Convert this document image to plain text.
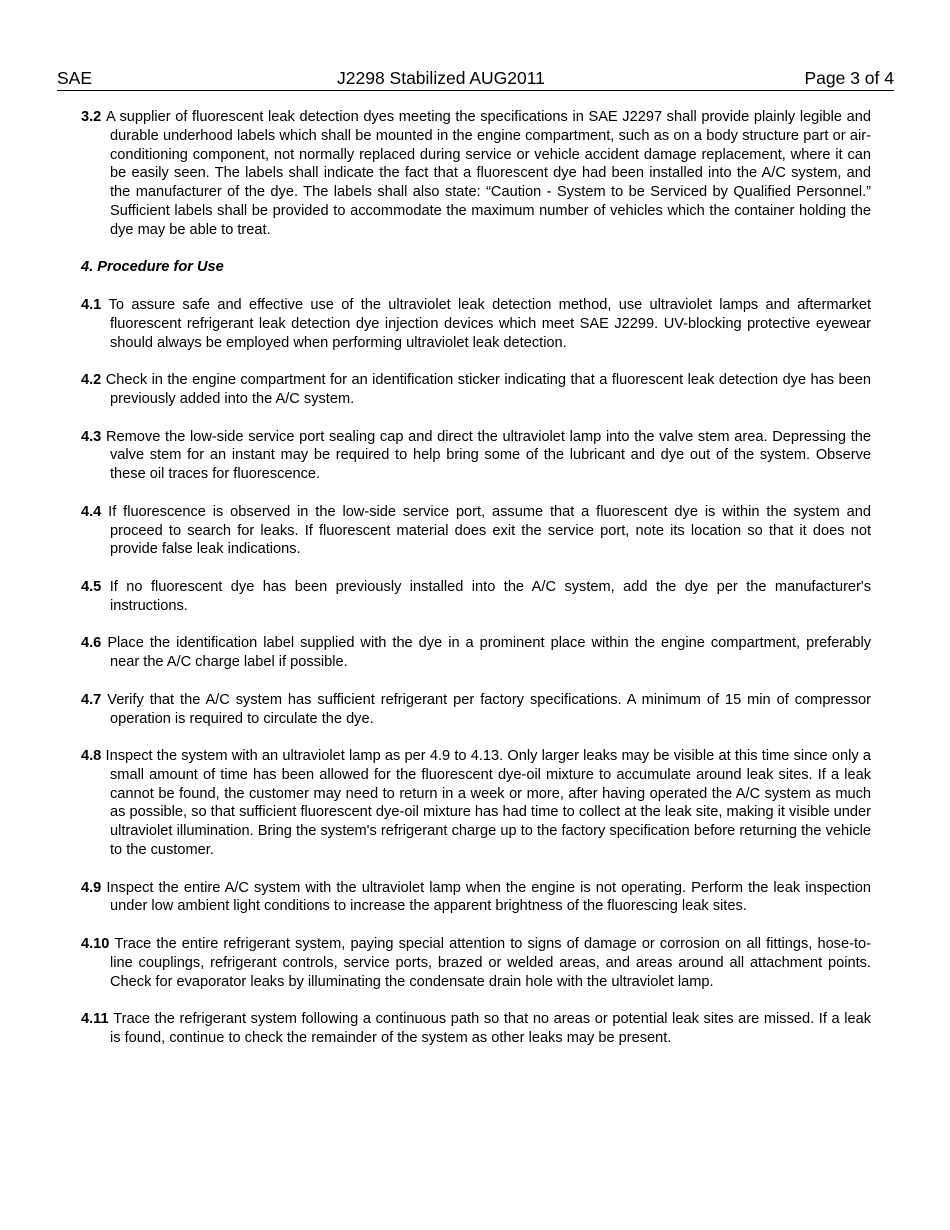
SAE	J2298 Stabilized AUG2011	Page 3 of 4

3.2 A supplier of fluorescent leak detection dyes meeting the specifications in SAE J2297 shall provide plainly legible and durable underhood labels which shall be mounted in the engine compartment, such as on a body structure part or air-conditioning component, not normally replaced during service or vehicle accident damage replacement, where it can be easily seen. The labels shall indicate the fact that a fluorescent dye had been installed into the A/C system, and the manufacturer of the dye. The labels shall also state: “Caution - System to be Serviced by Qualified Personnel.” Sufficient labels shall be provided to accommodate the maximum number of vehicles which the container holding the dye may be able to treat.

4. Procedure for Use

4.1 To assure safe and effective use of the ultraviolet leak detection method, use ultraviolet lamps and aftermarket fluorescent refrigerant leak detection dye injection devices which meet SAE J2299. UV-blocking protective eyewear should always be employed when performing ultraviolet leak detection.

4.2 Check in the engine compartment for an identification sticker indicating that a fluorescent leak detection dye has been previously added into the A/C system.

4.3 Remove the low-side service port sealing cap and direct the ultraviolet lamp into the valve stem area. Depressing the valve stem for an instant may be required to help bring some of the lubricant and dye out of the system. Observe these oil traces for fluorescence.

4.4 If fluorescence is observed in the low-side service port, assume that a fluorescent dye is within the system and proceed to search for leaks. If fluorescent material does exit the service port, note its location so that it does not provide false leak indications.

4.5 If no fluorescent dye has been previously installed into the A/C system, add the dye per the manufacturer's instructions.

4.6 Place the identification label supplied with the dye in a prominent place within the engine compartment, preferably near the A/C charge label if possible.

4.7 Verify that the A/C system has sufficient refrigerant per factory specifications. A minimum of 15 min of compressor operation is required to circulate the dye.

4.8 Inspect the system with an ultraviolet lamp as per 4.9 to 4.13. Only larger leaks may be visible at this time since only a small amount of time has been allowed for the fluorescent dye-oil mixture to accumulate around leak sites. If a leak cannot be found, the customer may need to return in a week or more, after having operated the A/C system as much as possible, so that sufficient fluorescent dye-oil mixture has had time to collect at the leak site, making it visible under ultraviolet illumination. Bring the system's refrigerant charge up to the factory specification before returning the vehicle to the customer.

4.9 Inspect the entire A/C system with the ultraviolet lamp when the engine is not operating. Perform the leak inspection under low ambient light conditions to increase the apparent brightness of the fluorescing leak sites.

4.10 Trace the entire refrigerant system, paying special attention to signs of damage or corrosion on all fittings, hose-to-line couplings, refrigerant controls, service ports, brazed or welded areas, and areas around all attachment points. Check for evaporator leaks by illuminating the condensate drain hole with the ultraviolet lamp.

4.11 Trace the refrigerant system following a continuous path so that no areas or potential leak sites are missed. If a leak is found, continue to check the remainder of the system as other leaks may be present.
